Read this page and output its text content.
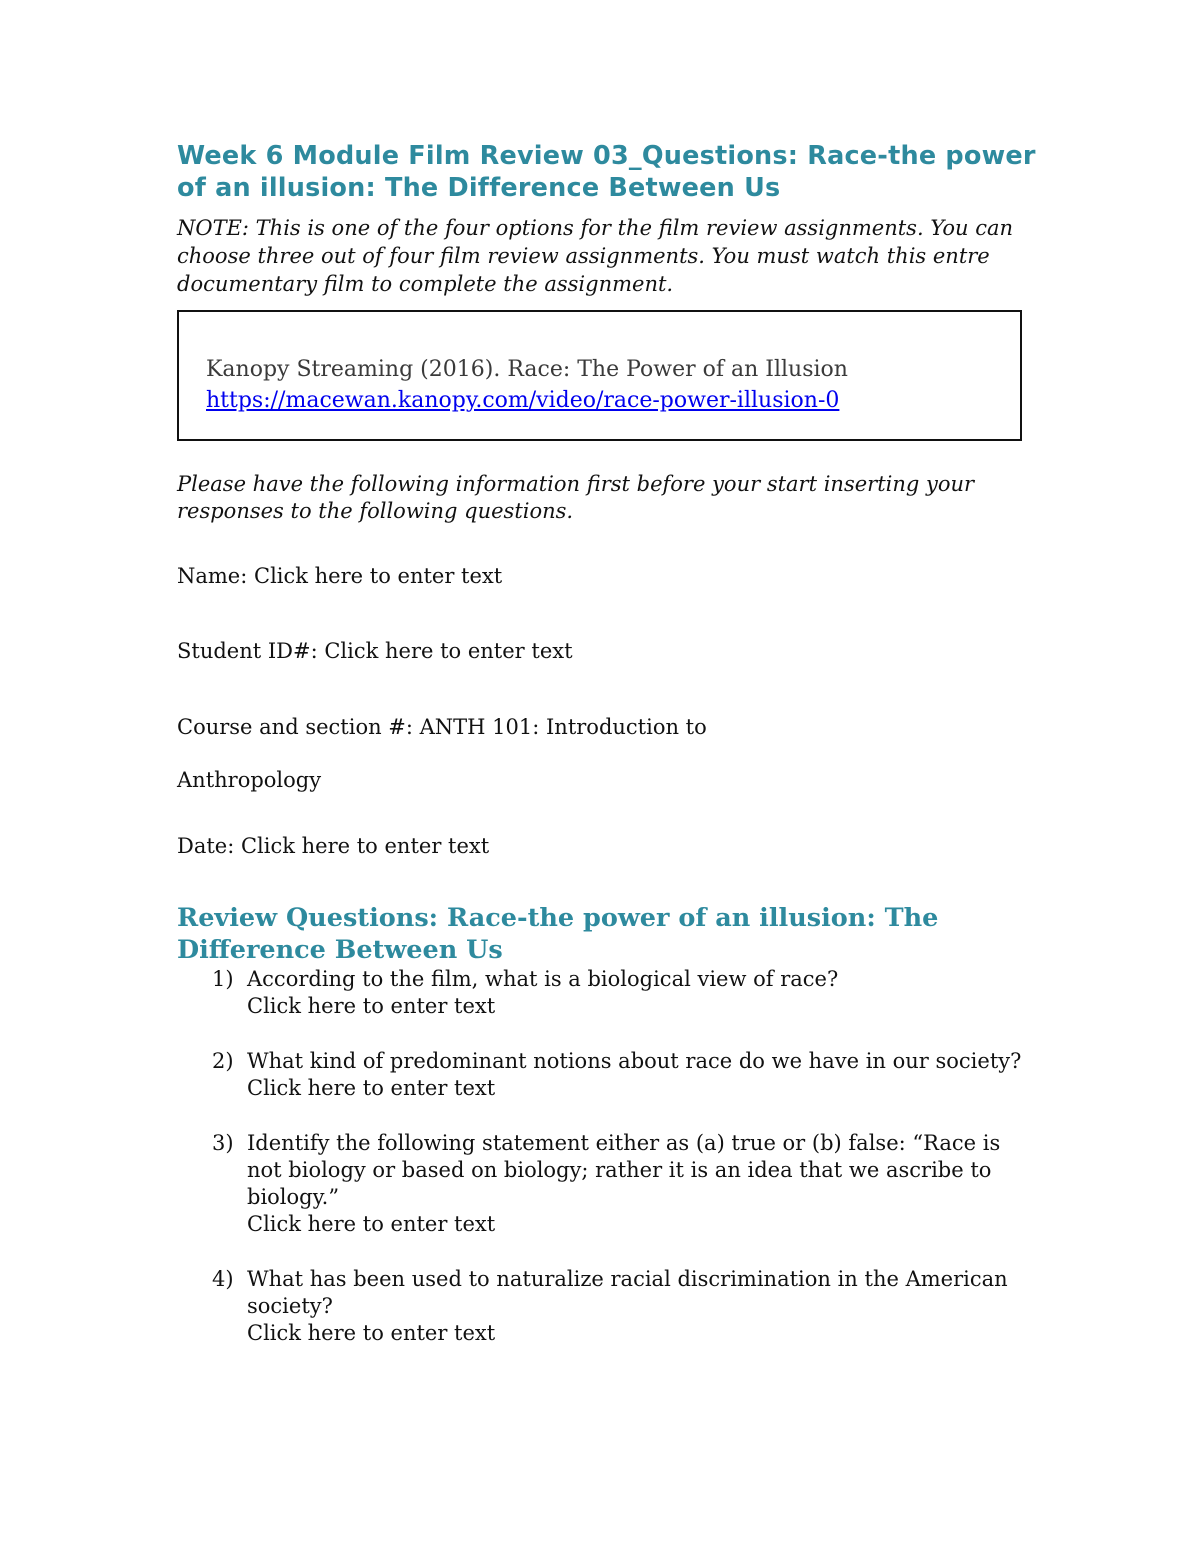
Week 6 Module Film Review 03_Questions: Race-the power of an illusion: The Difference Between Us

NOTE: This is one of the four options for the film review assignments. You can choose three out of four film review assignments. You must watch this entre documentary film to complete the assignment.

Kanopy Streaming (2016). Race: The Power of an Illusion
https://macewan.kanopy.com/video/race-power-illusion-0

Please have the following information first before your start inserting your responses to the following questions.

Name: Click here to enter text

Student ID#: Click here to enter text

Course and section #: ANTH 101: Introduction to

Anthropology

Date: Click here to enter text

Review Questions: Race-the power of an illusion: The Difference Between Us
1) According to the film, what is a biological view of race?
Click here to enter text
2) What kind of predominant notions about race do we have in our society?
Click here to enter text
3) Identify the following statement either as (a) true or (b) false: “Race is not biology or based on biology; rather it is an idea that we ascribe to biology.”
Click here to enter text
4) What has been used to naturalize racial discrimination in the American society?
Click here to enter text
